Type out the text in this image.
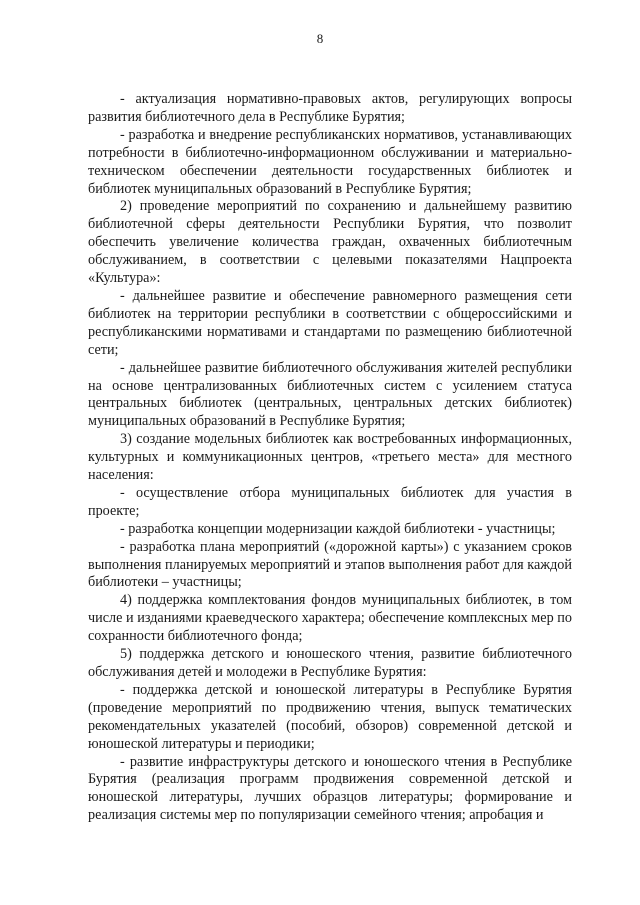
8

- актуализация нормативно-правовых актов, регулирующих вопросы развития библиотечного дела в Республике Бурятия;

- разработка и внедрение республиканских нормативов, устанавливающих потребности в библиотечно-информационном обслуживании и материально-техническом обеспечении деятельности государственных библиотек и библиотек муниципальных образований в Республике Бурятия;

2) проведение мероприятий по сохранению и дальнейшему развитию библиотечной сферы деятельности Республики Бурятия, что позволит обеспечить увеличение количества граждан, охваченных библиотечным обслуживанием, в соответствии с целевыми показателями Нацпроекта «Культура»:

- дальнейшее развитие и обеспечение равномерного размещения сети библиотек на территории республики в соответствии с общероссийскими и республиканскими нормативами и стандартами по размещению библиотечной сети;

- дальнейшее развитие библиотечного обслуживания жителей республики на основе централизованных библиотечных систем с усилением статуса центральных библиотек (центральных, центральных детских библиотек) муниципальных образований в Республике Бурятия;

3) создание модельных библиотек как востребованных информационных, культурных и коммуникационных центров, «третьего места» для местного населения:

- осуществление отбора муниципальных библиотек для участия в проекте;

- разработка концепции модернизации каждой библиотеки - участницы;

- разработка плана мероприятий («дорожной карты») с указанием сроков выполнения планируемых мероприятий и этапов выполнения работ для каждой библиотеки – участницы;

4) поддержка комплектования фондов муниципальных библиотек, в том числе и изданиями краеведческого характера; обеспечение комплексных мер по сохранности библиотечного фонда;

5) поддержка детского и юношеского чтения, развитие библиотечного обслуживания детей и молодежи в Республике Бурятия:

- поддержка детской и юношеской литературы в Республике Бурятия (проведение мероприятий по продвижению чтения, выпуск тематических рекомендательных указателей (пособий, обзоров) современной детской и юношеской литературы и периодики;

- развитие инфраструктуры детского и юношеского чтения в Республике Бурятия (реализация программ продвижения современной детской и юношеской литературы, лучших образцов литературы; формирование и реализация системы мер по популяризации семейного чтения; апробация и
